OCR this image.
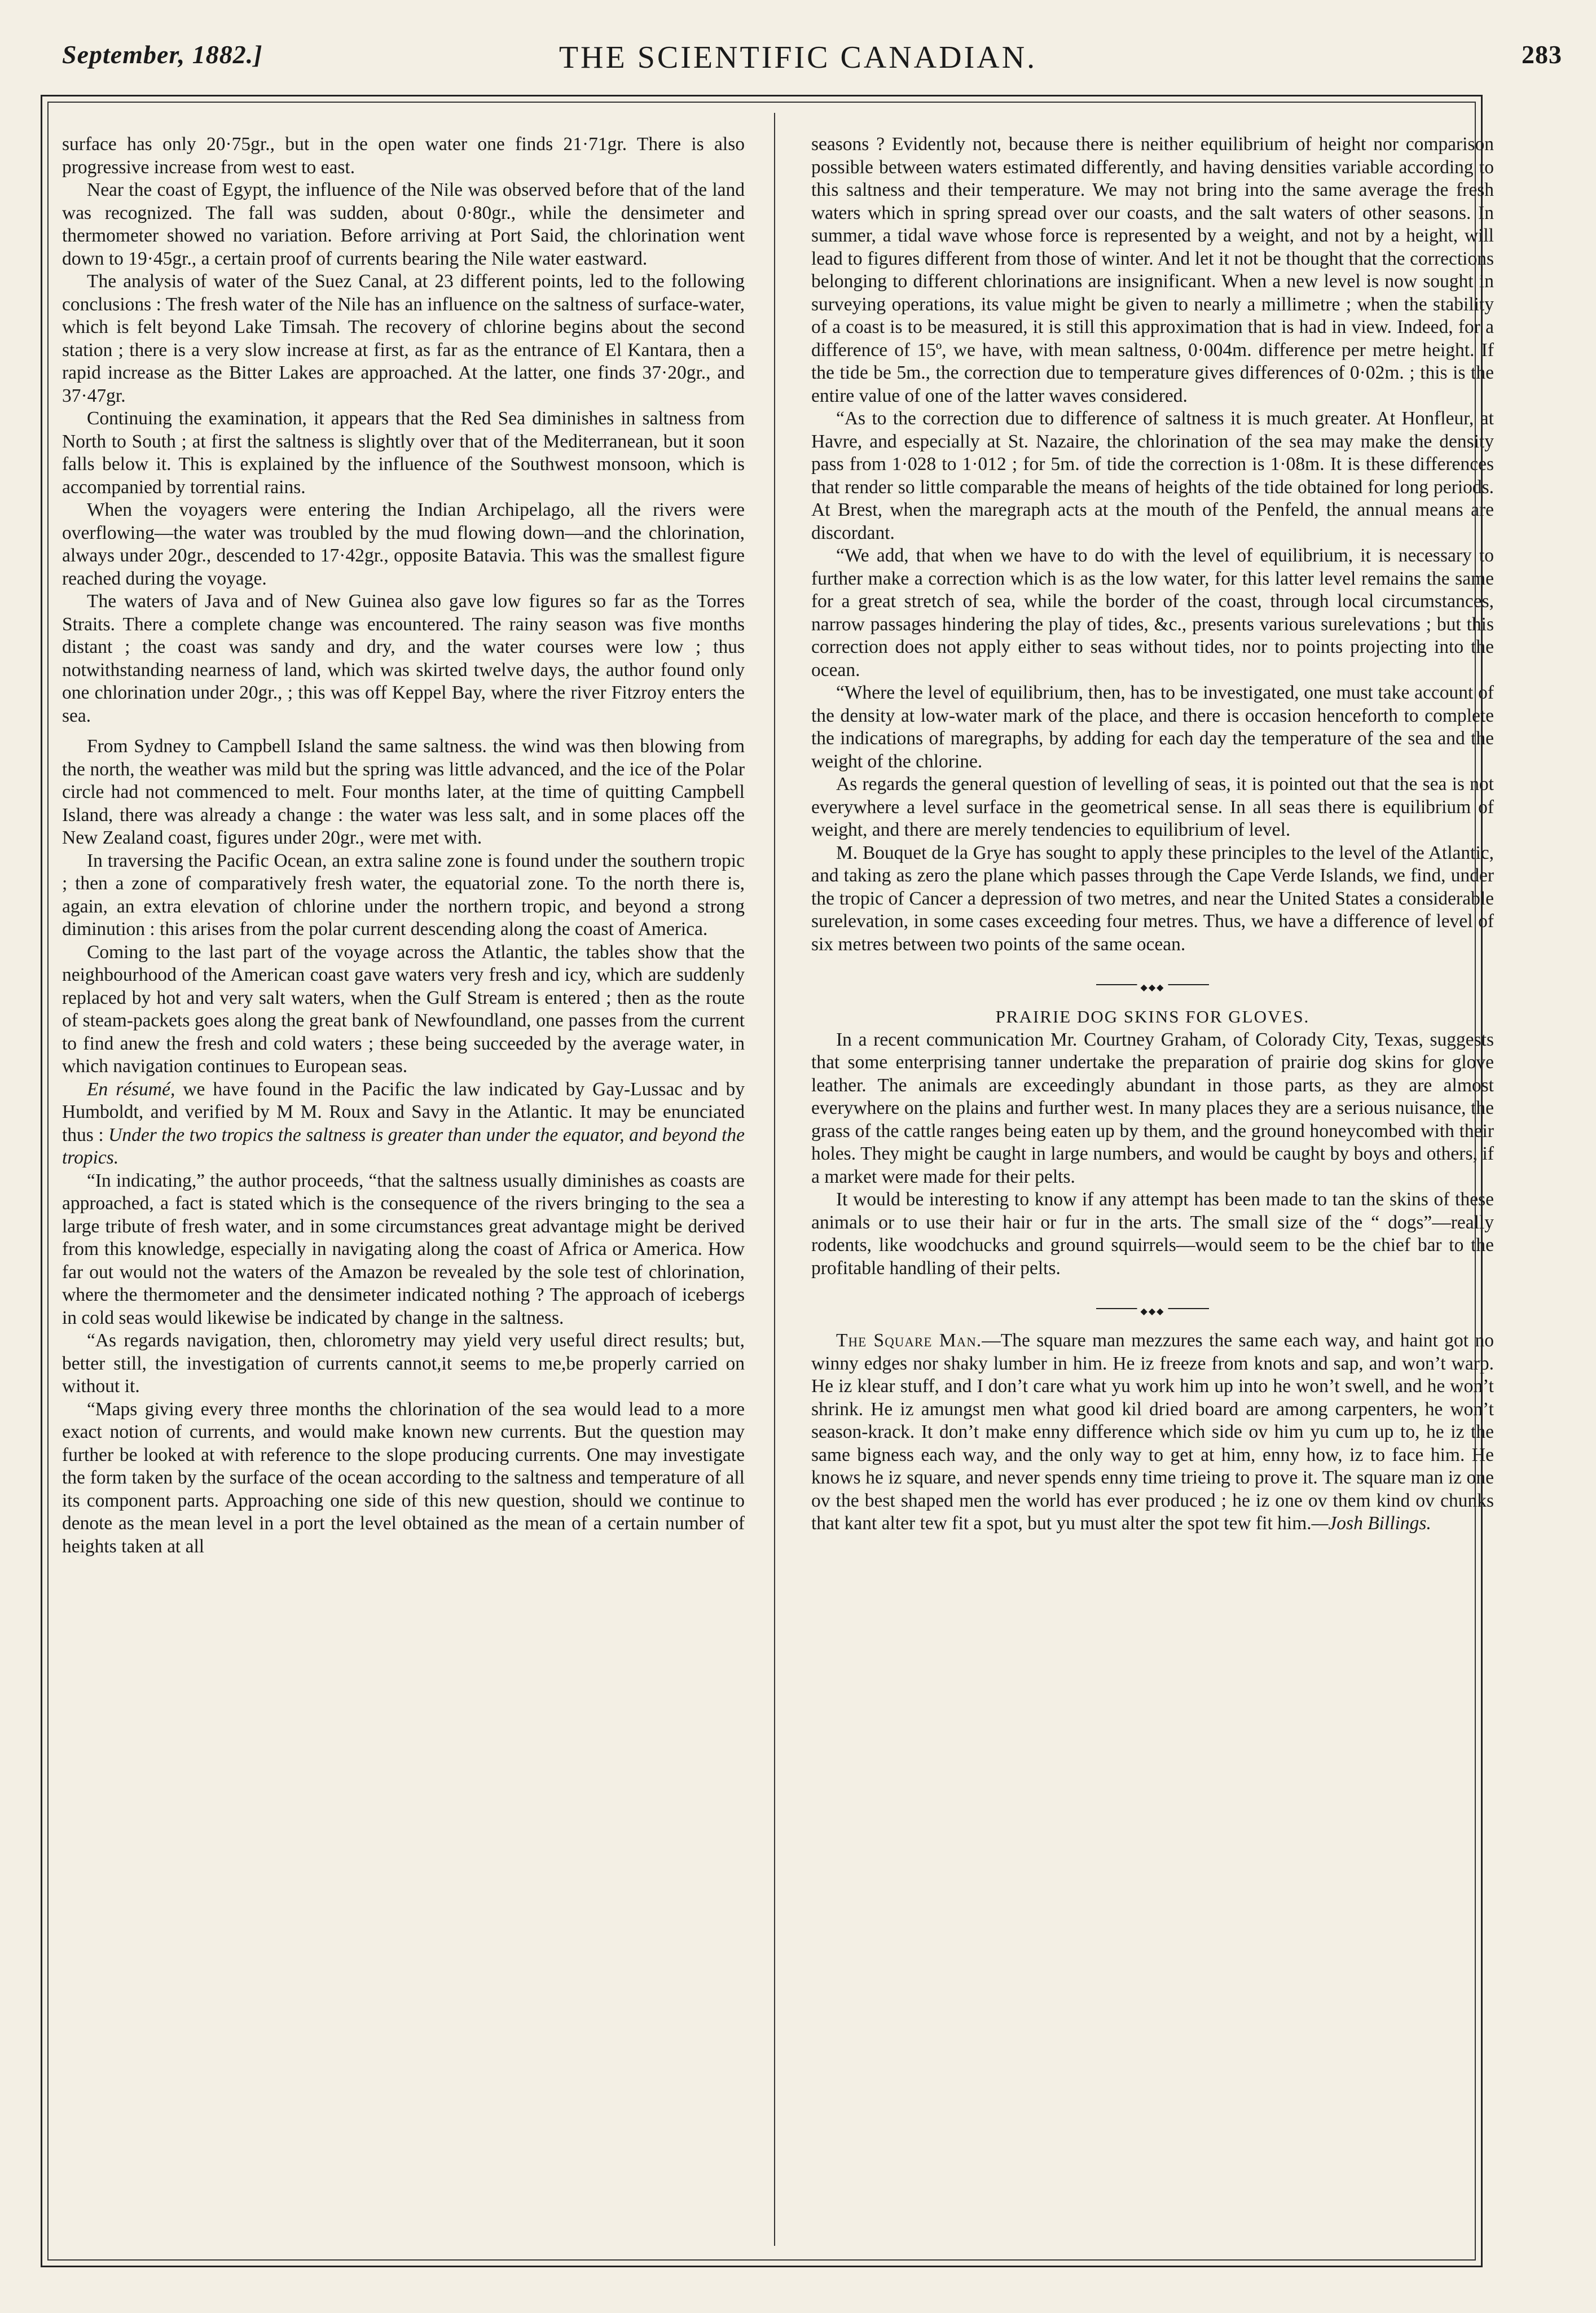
September, 1882.]	THE SCIENTIFIC CANADIAN.	283

surface has only 20·75gr., but in the open water one finds 21·71gr. There is also progressive increase from west to east.

Near the coast of Egypt, the influence of the Nile was observed before that of the land was recognized. The fall was sudden, about 0·80gr., while the densimeter and thermometer showed no variation. Before arriving at Port Said, the chlorination went down to 19·45gr., a certain proof of currents bearing the Nile water eastward.

The analysis of water of the Suez Canal, at 23 different points, led to the following conclusions : The fresh water of the Nile has an influence on the saltness of surface-water, which is felt beyond Lake Timsah. The recovery of chlorine begins about the second station ; there is a very slow increase at first, as far as the entrance of El Kantara, then a rapid increase as the Bitter Lakes are approached. At the latter, one finds 37·20gr., and 37·47gr.

Continuing the examination, it appears that the Red Sea diminishes in saltness from North to South ; at first the saltness is slightly over that of the Mediterranean, but it soon falls below it. This is explained by the influence of the Southwest monsoon, which is accompanied by torrential rains.

When the voyagers were entering the Indian Archipelago, all the rivers were overflowing—the water was troubled by the mud flowing down—and the chlorination, always under 20gr., descended to 17·42gr., opposite Batavia. This was the smallest figure reached during the voyage.

The waters of Java and of New Guinea also gave low figures so far as the Torres Straits. There a complete change was encountered. The rainy season was five months distant ; the coast was sandy and dry, and the water courses were low ; thus notwithstanding nearness of land, which was skirted twelve days, the author found only one chlorination under 20gr., ; this was off Keppel Bay, where the river Fitzroy enters the sea.

From Sydney to Campbell Island the same saltness. the wind was then blowing from the north, the weather was mild but the spring was little advanced, and the ice of the Polar circle had not commenced to melt. Four months later, at the time of quitting Campbell Island, there was already a change : the water was less salt, and in some places off the New Zealand coast, figures under 20gr., were met with.

In traversing the Pacific Ocean, an extra saline zone is found under the southern tropic ; then a zone of comparatively fresh water, the equatorial zone. To the north there is, again, an extra elevation of chlorine under the northern tropic, and beyond a strong diminution : this arises from the polar current descending along the coast of America.

Coming to the last part of the voyage across the Atlantic, the tables show that the neighbourhood of the American coast gave waters very fresh and icy, which are suddenly replaced by hot and very salt waters, when the Gulf Stream is entered ; then as the route of steam-packets goes along the great bank of Newfoundland, one passes from the current to find anew the fresh and cold waters ; these being succeeded by the average water, in which navigation continues to European seas.

En résumé, we have found in the Pacific the law indicated by Gay-Lussac and by Humboldt, and verified by M M. Roux and Savy in the Atlantic. It may be enunciated thus : Under the two tropics the saltness is greater than under the equator, and beyond the tropics.

“In indicating,” the author proceeds, “that the saltness usually diminishes as coasts are approached, a fact is stated which is the consequence of the rivers bringing to the sea a large tribute of fresh water, and in some circumstances great advantage might be derived from this knowledge, especially in navigating along the coast of Africa or America. How far out would not the waters of the Amazon be revealed by the sole test of chlorination, where the thermometer and the densimeter indicated nothing ? The approach of icebergs in cold seas would likewise be indicated by change in the saltness.

“As regards navigation, then, chlorometry may yield very useful direct results; but, better still, the investigation of currents cannot,it seems to me,be properly carried on without it.

“Maps giving every three months the chlorination of the sea would lead to a more exact notion of currents, and would make known new currents. But the question may further be looked at with reference to the slope producing currents. One may investigate the form taken by the surface of the ocean according to the saltness and temperature of all its component parts. Approaching one side of this new question, should we continue to denote as the mean level in a port the level obtained as the mean of a certain number of heights taken at all

seasons ? Evidently not, because there is neither equilibrium of height nor comparison possible between waters estimated differently, and having densities variable according to this saltness and their temperature. We may not bring into the same average the fresh waters which in spring spread over our coasts, and the salt waters of other seasons. In summer, a tidal wave whose force is represented by a weight, and not by a height, will lead to figures different from those of winter. And let it not be thought that the corrections belonging to different chlorinations are insignificant. When a new level is now sought in surveying operations, its value might be given to nearly a millimetre ; when the stability of a coast is to be measured, it is still this approximation that is had in view. Indeed, for a difference of 15º, we have, with mean saltness, 0·004m. difference per metre height. If the tide be 5m., the correction due to temperature gives differences of 0·02m. ; this is the entire value of one of the latter waves considered.

“As to the correction due to difference of saltness it is much greater. At Honfleur, at Havre, and especially at St. Nazaire, the chlorination of the sea may make the density pass from 1·028 to 1·012 ; for 5m. of tide the correction is 1·08m. It is these differences that render so little comparable the means of heights of the tide obtained for long periods. At Brest, when the maregraph acts at the mouth of the Penfeld, the annual means are discordant.

“We add, that when we have to do with the level of equilibrium, it is necessary to further make a correction which is as the low water, for this latter level remains the same for a great stretch of sea, while the border of the coast, through local circumstances, narrow passages hindering the play of tides, &c., presents various surelevations ; but this correction does not apply either to seas without tides, nor to points projecting into the ocean.

“Where the level of equilibrium, then, has to be investigated, one must take account of the density at low-water mark of the place, and there is occasion henceforth to complete the indications of maregraphs, by adding for each day the temperature of the sea and the weight of the chlorine.

As regards the general question of levelling of seas, it is pointed out that the sea is not everywhere a level surface in the geometrical sense. In all seas there is equilibrium of weight, and there are merely tendencies to equilibrium of level.

M. Bouquet de la Grye has sought to apply these principles to the level of the Atlantic, and taking as zero the plane which passes through the Cape Verde Islands, we find, under the tropic of Cancer a depression of two metres, and near the United States a considerable surelevation, in some cases exceeding four metres. Thus, we have a difference of level of six metres between two points of the same ocean.

◆◆◆

PRAIRIE DOG SKINS FOR GLOVES.

In a recent communication Mr. Courtney Graham, of Colorady City, Texas, suggests that some enterprising tanner undertake the preparation of prairie dog skins for glove leather. The animals are exceedingly abundant in those parts, as they are almost everywhere on the plains and further west. In many places they are a serious nuisance, the grass of the cattle ranges being eaten up by them, and the ground honeycombed with their holes. They might be caught in large numbers, and would be caught by boys and others, if a market were made for their pelts.

It would be interesting to know if any attempt has been made to tan the skins of these animals or to use their hair or fur in the arts. The small size of the “ dogs”—really rodents, like woodchucks and ground squirrels—would seem to be the chief bar to the profitable handling of their pelts.

◆◆◆

The Square Man.—The square man mezzures the same each way, and haint got no winny edges nor shaky lumber in him. He iz freeze from knots and sap, and won’t warp. He iz klear stuff, and I don’t care what yu work him up into he won’t swell, and he won’t shrink. He iz amungst men what good kil dried board are among carpenters, he won’t season-krack. It don’t make enny difference which side ov him yu cum up to, he iz the same bigness each way, and the only way to get at him, enny how, iz to face him. He knows he iz square, and never spends enny time trieing to prove it. The square man iz one ov the best shaped men the world has ever produced ; he iz one ov them kind ov chunks that kant alter tew fit a spot, but yu must alter the spot tew fit him.—Josh Billings.
